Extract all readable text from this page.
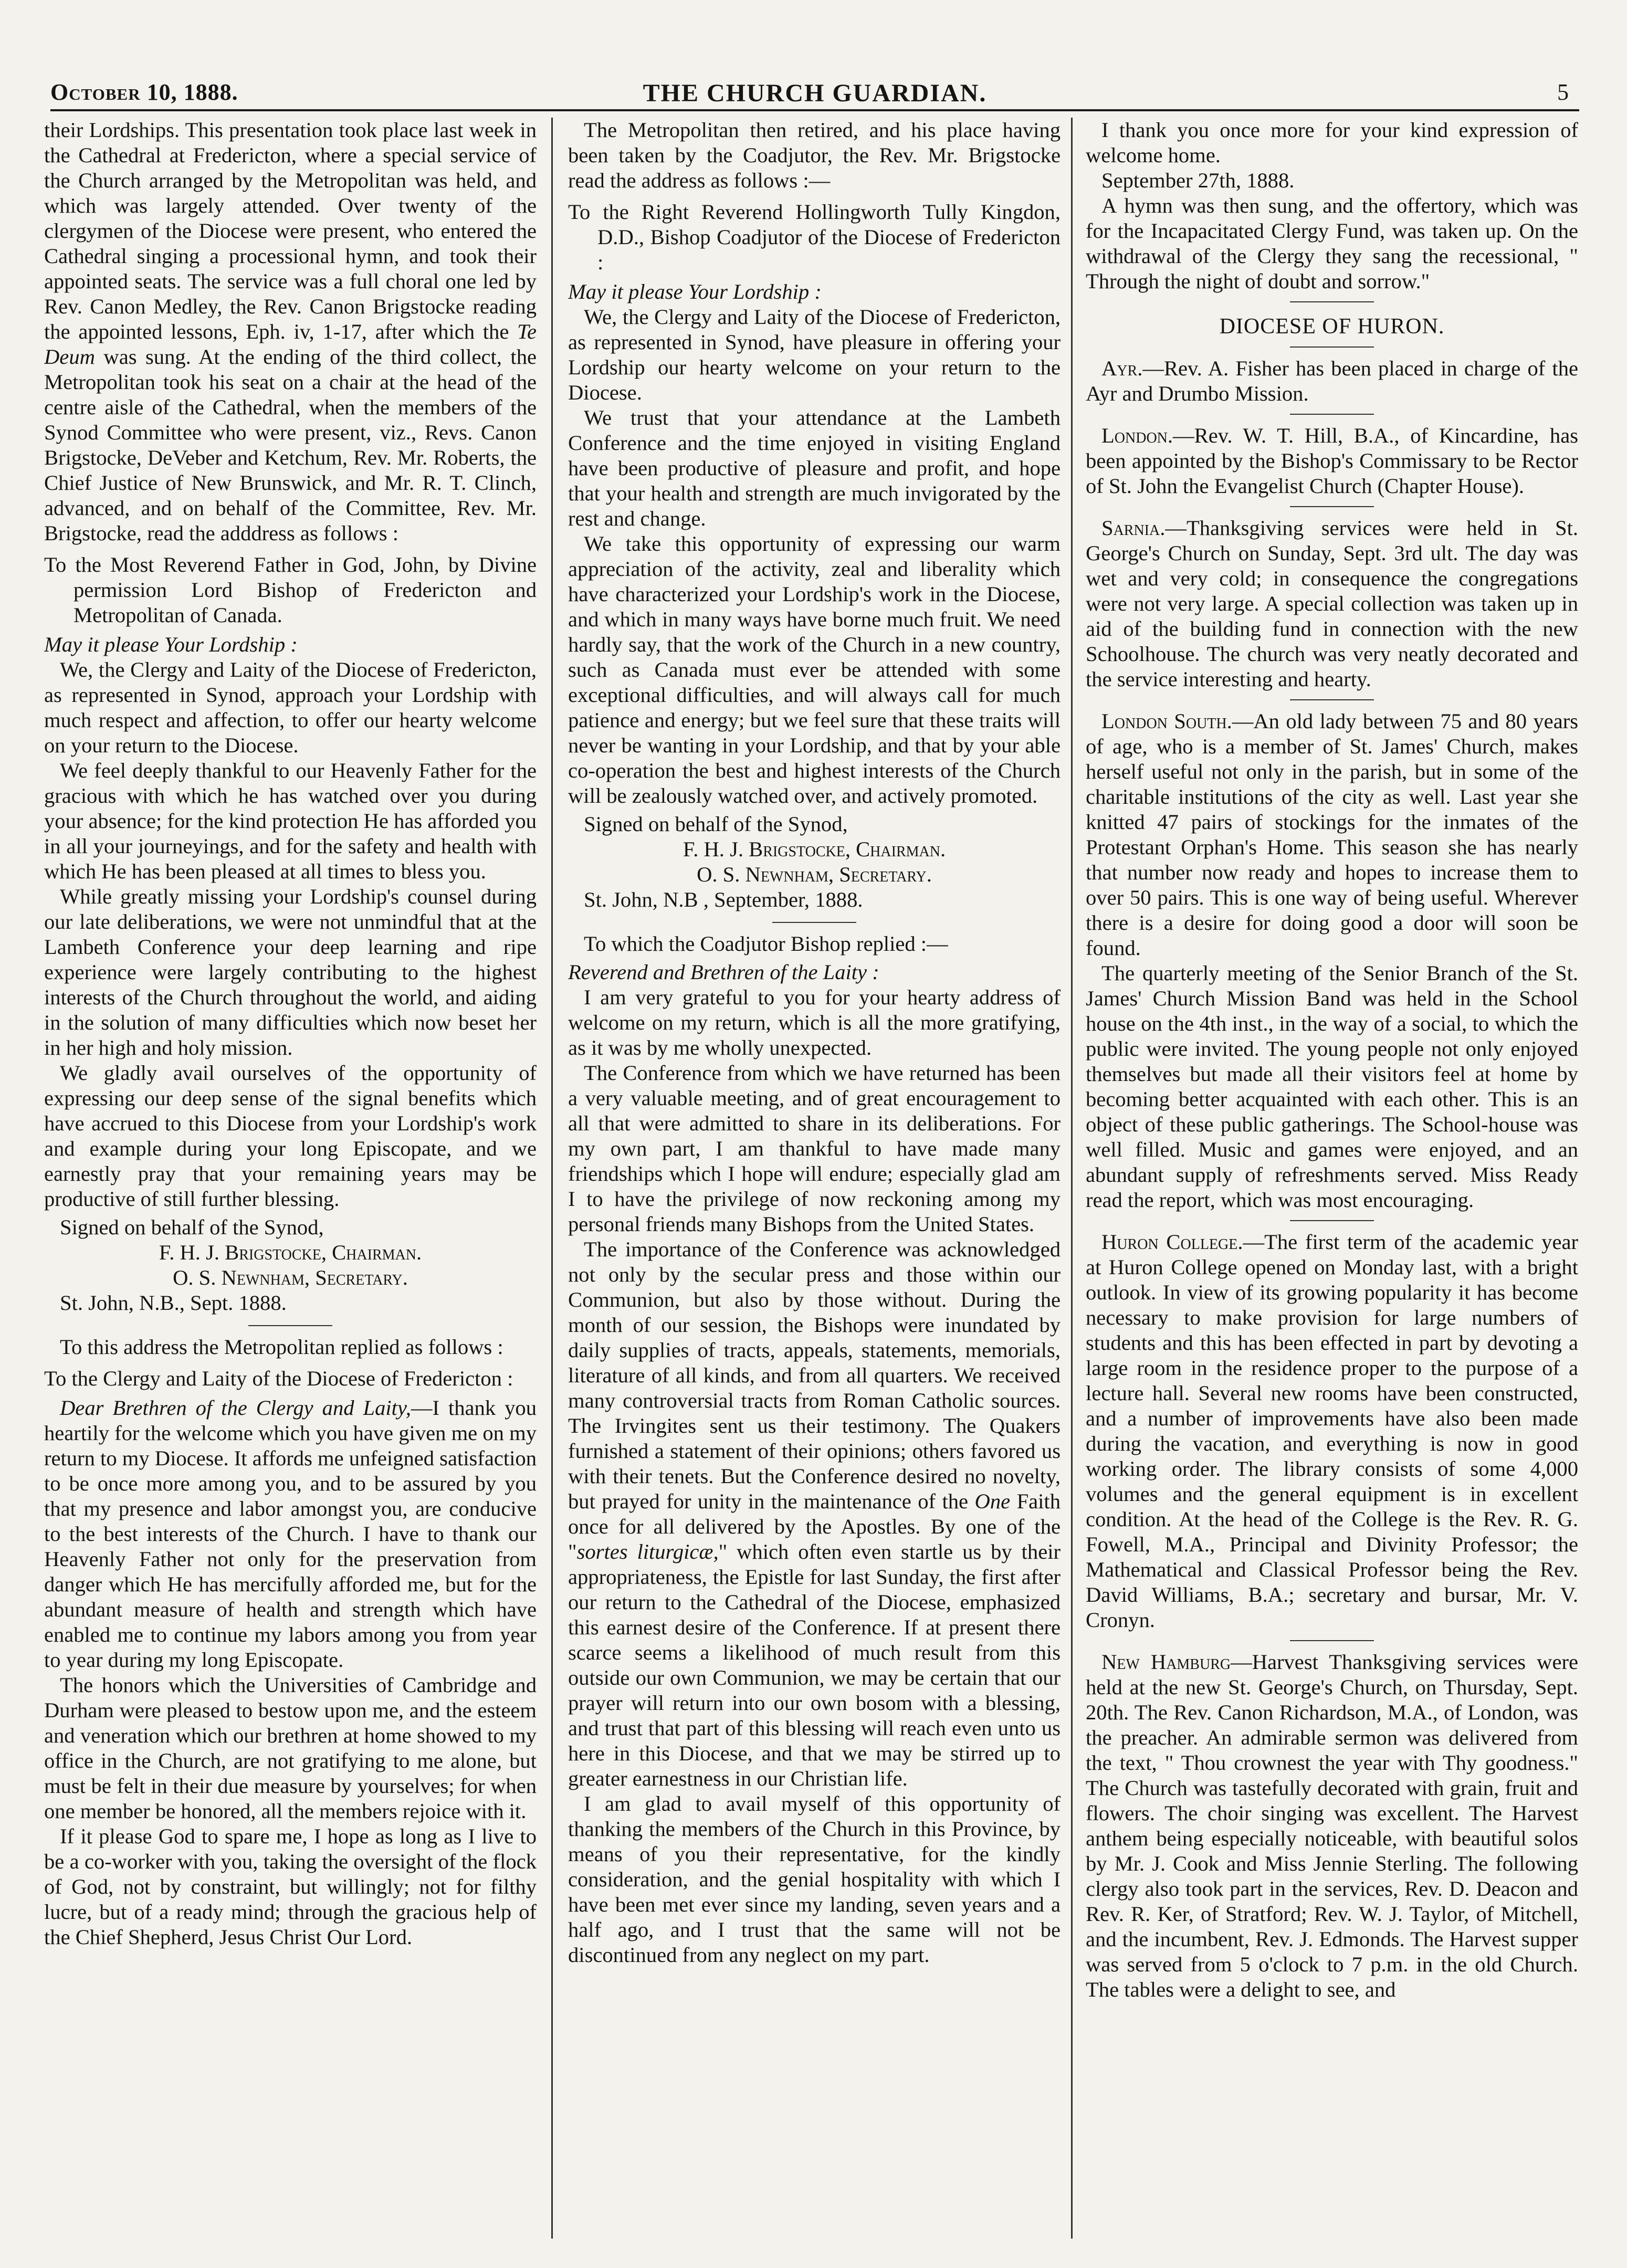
October 10, 1888.	THE CHURCH GUARDIAN.	5

their Lordships. This presentation took place last week in the Cathedral at Fredericton, where a special service of the Church arranged by the Metropolitan was held, and which was largely attended. Over twenty of the clergymen of the Diocese were present, who entered the Cathedral singing a processional hymn, and took their appointed seats. The service was a full choral one led by Rev. Canon Medley, the Rev. Canon Brigstocke reading the appointed lessons, Eph. iv, 1-17, after which the Te Deum was sung. At the ending of the third collect, the Metropolitan took his seat on a chair at the head of the centre aisle of the Cathedral, when the members of the Synod Committee who were present, viz., Revs. Canon Brigstocke, DeVeber and Ketchum, Rev. Mr. Roberts, the Chief Justice of New Brunswick, and Mr. R. T. Clinch, advanced, and on behalf of the Committee, Rev. Mr. Brigstocke, read the adddress as follows :

To the Most Reverend Father in God, John, by Divine permission Lord Bishop of Fredericton and Metropolitan of Canada.

May it please Your Lordship :

We, the Clergy and Laity of the Diocese of Fredericton, as represented in Synod, approach your Lordship with much respect and affection, to offer our hearty welcome on your return to the Diocese.

We feel deeply thankful to our Heavenly Father for the gracious with which he has watched over you during your absence; for the kind protection He has afforded you in all your journeyings, and for the safety and health with which He has been pleased at all times to bless you.

While greatly missing your Lordship's counsel during our late deliberations, we were not unmindful that at the Lambeth Conference your deep learning and ripe experience were largely contributing to the highest interests of the Church throughout the world, and aiding in the solution of many difficulties which now beset her in her high and holy mission.

We gladly avail ourselves of the opportunity of expressing our deep sense of the signal benefits which have accrued to this Diocese from your Lordship's work and example during your long Episcopate, and we earnestly pray that your remaining years may be productive of still further blessing.

Signed on behalf of the Synod,

F. H. J. Brigstocke, Chairman.

O. S. Newnham, Secretary.

St. John, N.B., Sept. 1888.

To this address the Metropolitan replied as follows :

To the Clergy and Laity of the Diocese of Fredericton :

Dear Brethren of the Clergy and Laity,—I thank you heartily for the welcome which you have given me on my return to my Diocese. It affords me unfeigned satisfaction to be once more among you, and to be assured by you that my presence and labor amongst you, are conducive to the best interests of the Church. I have to thank our Heavenly Father not only for the preservation from danger which He has mercifully afforded me, but for the abundant measure of health and strength which have enabled me to continue my labors among you from year to year during my long Episcopate.

The honors which the Universities of Cambridge and Durham were pleased to bestow upon me, and the esteem and veneration which our brethren at home showed to my office in the Church, are not gratifying to me alone, but must be felt in their due measure by yourselves; for when one member be honored, all the members rejoice with it.

If it please God to spare me, I hope as long as I live to be a co-worker with you, taking the oversight of the flock of God, not by constraint, but willingly; not for filthy lucre, but of a ready mind; through the gracious help of the Chief Shepherd, Jesus Christ Our Lord.

The Metropolitan then retired, and his place having been taken by the Coadjutor, the Rev. Mr. Brigstocke read the address as follows :—

To the Right Reverend Hollingworth Tully Kingdon, D.D., Bishop Coadjutor of the Diocese of Fredericton :

May it please Your Lordship :

We, the Clergy and Laity of the Diocese of Fredericton, as represented in Synod, have pleasure in offering your Lordship our hearty welcome on your return to the Diocese.

We trust that your attendance at the Lambeth Conference and the time enjoyed in visiting England have been productive of pleasure and profit, and hope that your health and strength are much invigorated by the rest and change.

We take this opportunity of expressing our warm appreciation of the activity, zeal and liberality which have characterized your Lordship's work in the Diocese, and which in many ways have borne much fruit. We need hardly say, that the work of the Church in a new country, such as Canada must ever be attended with some exceptional difficulties, and will always call for much patience and energy; but we feel sure that these traits will never be wanting in your Lordship, and that by your able co-operation the best and highest interests of the Church will be zealously watched over, and actively promoted.

Signed on behalf of the Synod,

F. H. J. Brigstocke, Chairman.

O. S. Newnham, Secretary.

St. John, N.B , September, 1888.

To which the Coadjutor Bishop replied :—

Reverend and Brethren of the Laity :

I am very grateful to you for your hearty address of welcome on my return, which is all the more gratifying, as it was by me wholly unexpected.

The Conference from which we have returned has been a very valuable meeting, and of great encouragement to all that were admitted to share in its deliberations. For my own part, I am thankful to have made many friendships which I hope will endure; especially glad am I to have the privilege of now reckoning among my personal friends many Bishops from the United States.

The importance of the Conference was acknowledged not only by the secular press and those within our Communion, but also by those without. During the month of our session, the Bishops were inundated by daily supplies of tracts, appeals, statements, memorials, literature of all kinds, and from all quarters. We received many controversial tracts from Roman Catholic sources. The Irvingites sent us their testimony. The Quakers furnished a statement of their opinions; others favored us with their tenets. But the Conference desired no novelty, but prayed for unity in the maintenance of the One Faith once for all delivered by the Apostles. By one of the "sortes liturgicæ," which often even startle us by their appropriateness, the Epistle for last Sunday, the first after our return to the Cathedral of the Diocese, emphasized this earnest desire of the Conference. If at present there scarce seems a likelihood of much result from this outside our own Communion, we may be certain that our prayer will return into our own bosom with a blessing, and trust that part of this blessing will reach even unto us here in this Diocese, and that we may be stirred up to greater earnestness in our Christian life.

I am glad to avail myself of this opportunity of thanking the members of the Church in this Province, by means of you their representative, for the kindly consideration, and the genial hospitality with which I have been met ever since my landing, seven years and a half ago, and I trust that the same will not be discontinued from any neglect on my part.

I thank you once more for your kind expression of welcome home.

September 27th, 1888.

A hymn was then sung, and the offertory, which was for the Incapacitated Clergy Fund, was taken up. On the withdrawal of the Clergy they sang the recessional, " Through the night of doubt and sorrow."

DIOCESE OF HURON.

Ayr.—Rev. A. Fisher has been placed in charge of the Ayr and Drumbo Mission.

London.—Rev. W. T. Hill, B.A., of Kincardine, has been appointed by the Bishop's Commissary to be Rector of St. John the Evangelist Church (Chapter House).

Sarnia.—Thanksgiving services were held in St. George's Church on Sunday, Sept. 3rd ult. The day was wet and very cold; in consequence the congregations were not very large. A special collection was taken up in aid of the building fund in connection with the new Schoolhouse. The church was very neatly decorated and the service interesting and hearty.

London South.—An old lady between 75 and 80 years of age, who is a member of St. James' Church, makes herself useful not only in the parish, but in some of the charitable institutions of the city as well. Last year she knitted 47 pairs of stockings for the inmates of the Protestant Orphan's Home. This season she has nearly that number now ready and hopes to increase them to over 50 pairs. This is one way of being useful. Wherever there is a desire for doing good a door will soon be found.

The quarterly meeting of the Senior Branch of the St. James' Church Mission Band was held in the School house on the 4th inst., in the way of a social, to which the public were invited. The young people not only enjoyed themselves but made all their visitors feel at home by becoming better acquainted with each other. This is an object of these public gatherings. The School-house was well filled. Music and games were enjoyed, and an abundant supply of refreshments served. Miss Ready read the report, which was most encouraging.

Huron College.—The first term of the academic year at Huron College opened on Monday last, with a bright outlook. In view of its growing popularity it has become necessary to make provision for large numbers of students and this has been effected in part by devoting a large room in the residence proper to the purpose of a lecture hall. Several new rooms have been constructed, and a number of improvements have also been made during the vacation, and everything is now in good working order. The library consists of some 4,000 volumes and the general equipment is in excellent condition. At the head of the College is the Rev. R. G. Fowell, M.A., Principal and Divinity Professor; the Mathematical and Classical Professor being the Rev. David Williams, B.A.; secretary and bursar, Mr. V. Cronyn.

New Hamburg—Harvest Thanksgiving services were held at the new St. George's Church, on Thursday, Sept. 20th. The Rev. Canon Richardson, M.A., of London, was the preacher. An admirable sermon was delivered from the text, " Thou crownest the year with Thy goodness." The Church was tastefully decorated with grain, fruit and flowers. The choir singing was excellent. The Harvest anthem being especially noticeable, with beautiful solos by Mr. J. Cook and Miss Jennie Sterling. The following clergy also took part in the services, Rev. D. Deacon and Rev. R. Ker, of Stratford; Rev. W. J. Taylor, of Mitchell, and the incumbent, Rev. J. Edmonds. The Harvest supper was served from 5 o'clock to 7 p.m. in the old Church. The tables were a delight to see, and
